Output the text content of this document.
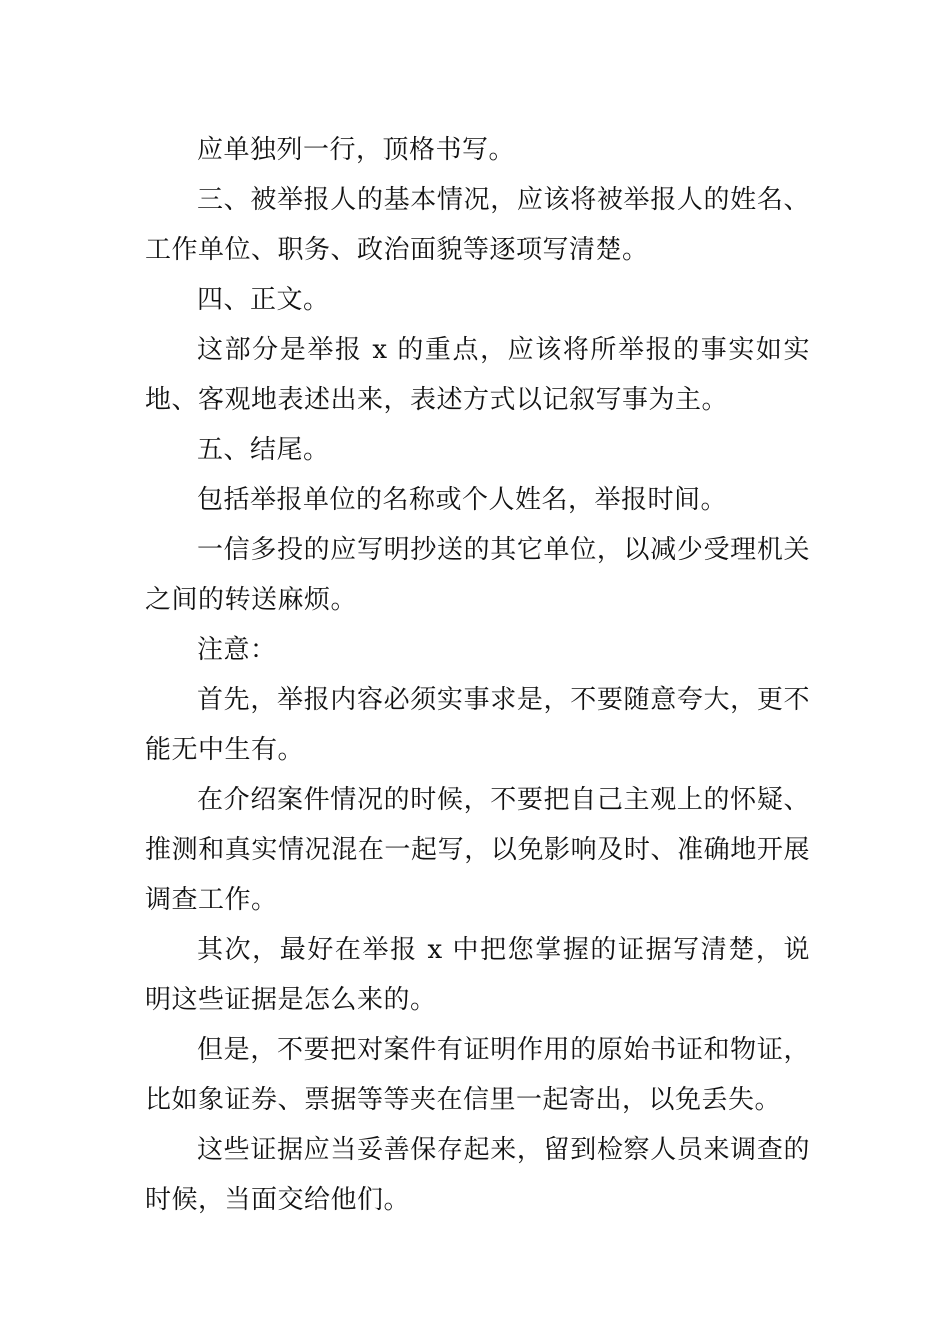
应单独列一行，顶格书写。

三、被举报人的基本情况，应该将被举报人的姓名、工作单位、职务、政治面貌等逐项写清楚。

四、正文。

这部分是举报 x 的重点，应该将所举报的事实如实地、客观地表述出来，表述方式以记叙写事为主。

五、结尾。

包括举报单位的名称或个人姓名，举报时间。

一信多投的应写明抄送的其它单位，以减少受理机关之间的转送麻烦。

注意：

首先，举报内容必须实事求是，不要随意夸大，更不能无中生有。

在介绍案件情况的时候，不要把自己主观上的怀疑、推测和真实情况混在一起写，以免影响及时、准确地开展调查工作。

其次，最好在举报 x 中把您掌握的证据写清楚，说明这些证据是怎么来的。

但是，不要把对案件有证明作用的原始书证和物证，比如象证券、票据等等夹在信里一起寄出，以免丢失。

这些证据应当妥善保存起来，留到检察人员来调查的时候，当面交给他们。
